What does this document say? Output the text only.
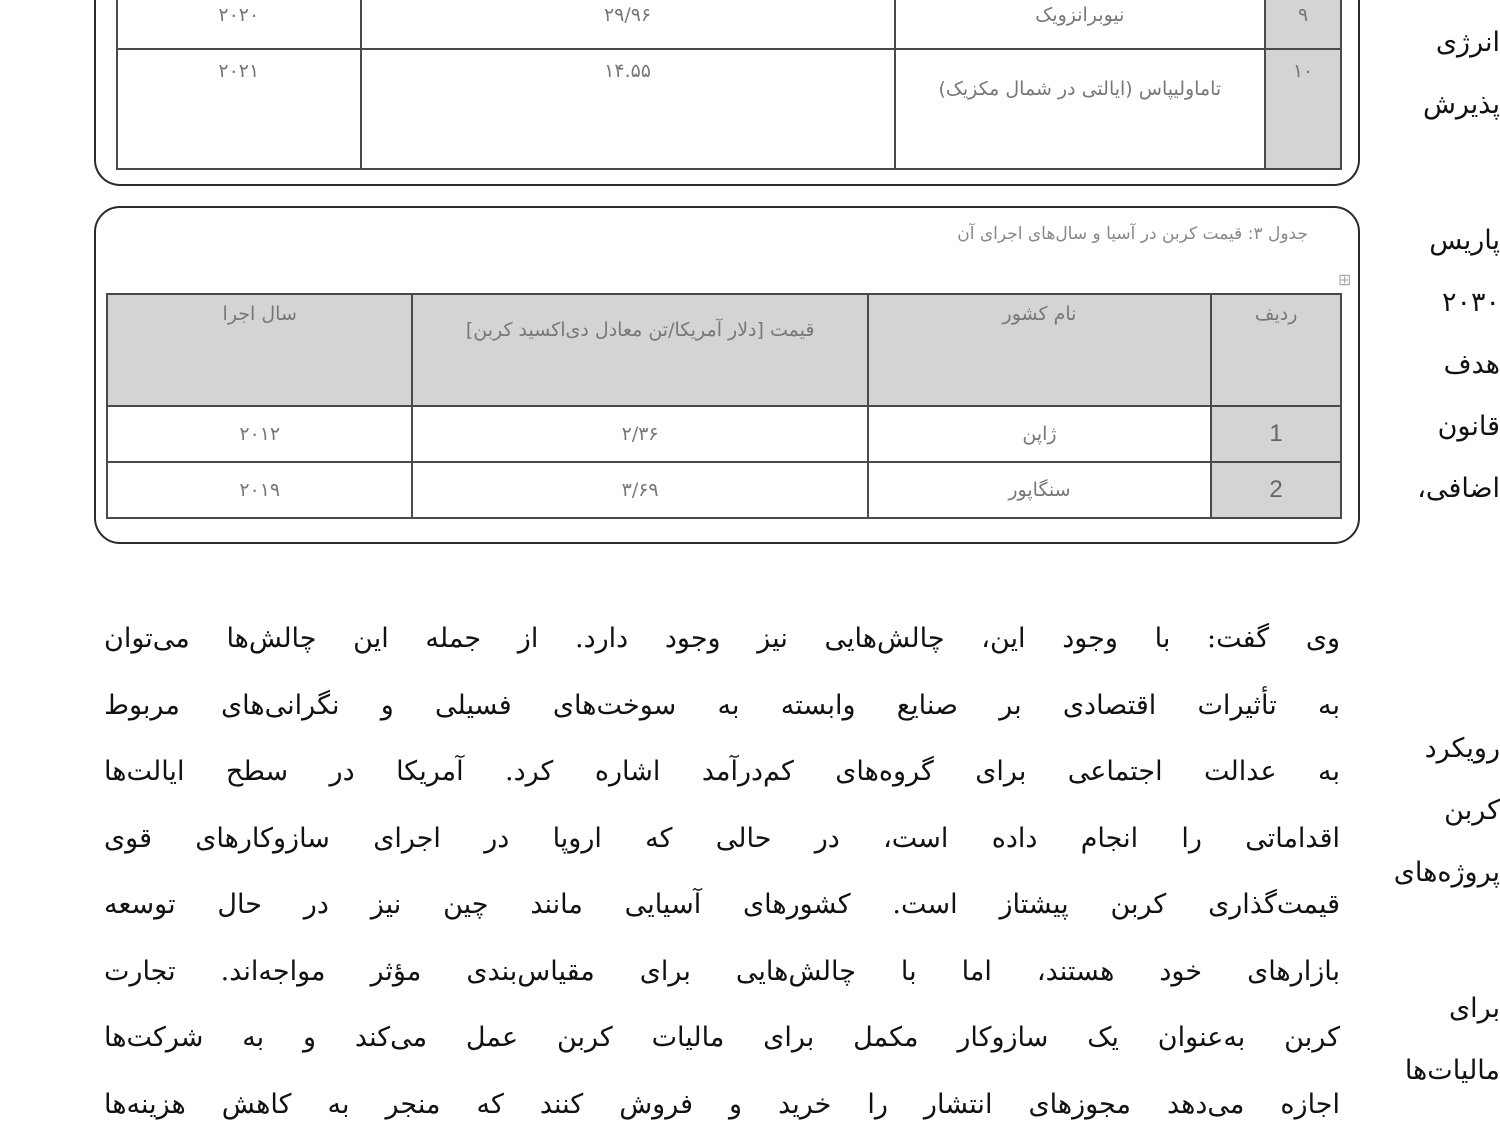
۹	نیوبرانزویک	۲۹/۹۶	۲۰۲۰
۱۰	تاماولیپاس (ایالتی در شمال مکزیک)	۱۴.۵۵	۲۰۲۱
جدول ۳: قیمت کربن در آسیا و سال‌های اجرای آن
⊞
ردیف	نام کشور	قیمت [دلار آمریکا‌/تن معادل دی‌اکسید کربن]	سال اجرا
1	ژاپن	۲/۳۶	۲۰۱۲
2	سنگاپور	۳/۶۹	۲۰۱۹
وی گفت: با وجود این، چالش‌هایی نیز وجود دارد. از جمله این چالش‌ها می‌توان
به تأثیرات اقتصادی بر صنایع وابسته به سوخت‌های فسیلی و نگرانی‌های مربوط
به عدالت اجتماعی برای گروه‌های کم‌درآمد اشاره کرد. آمریکا در سطح ایالت‌ها
اقداماتی را انجام داده است، در حالی که اروپا در اجرای سازوکارهای قوی
قیمت‌گذاری کربن پیشتاز است. کشورهای آسیایی مانند چین نیز در حال توسعه
بازارهای خود هستند، اما با چالش‌هایی برای مقیاس‌بندی مؤثر مواجه‌اند. تجارت
کربن به‌عنوان یک سازوکار مکمل برای مالیات کربن عمل می‌کند و به شرکت‌ها
اجازه می‌دهد مجوزهای انتشار را خرید و فروش کنند که منجر به کاهش هزینه‌ها
انرژی
پذیرش
پاریس
۲۰۳۰
هدف
قانون
اضافی،
رویکرد
کربن
پروژه‌های
برای
مالیات‌ها
